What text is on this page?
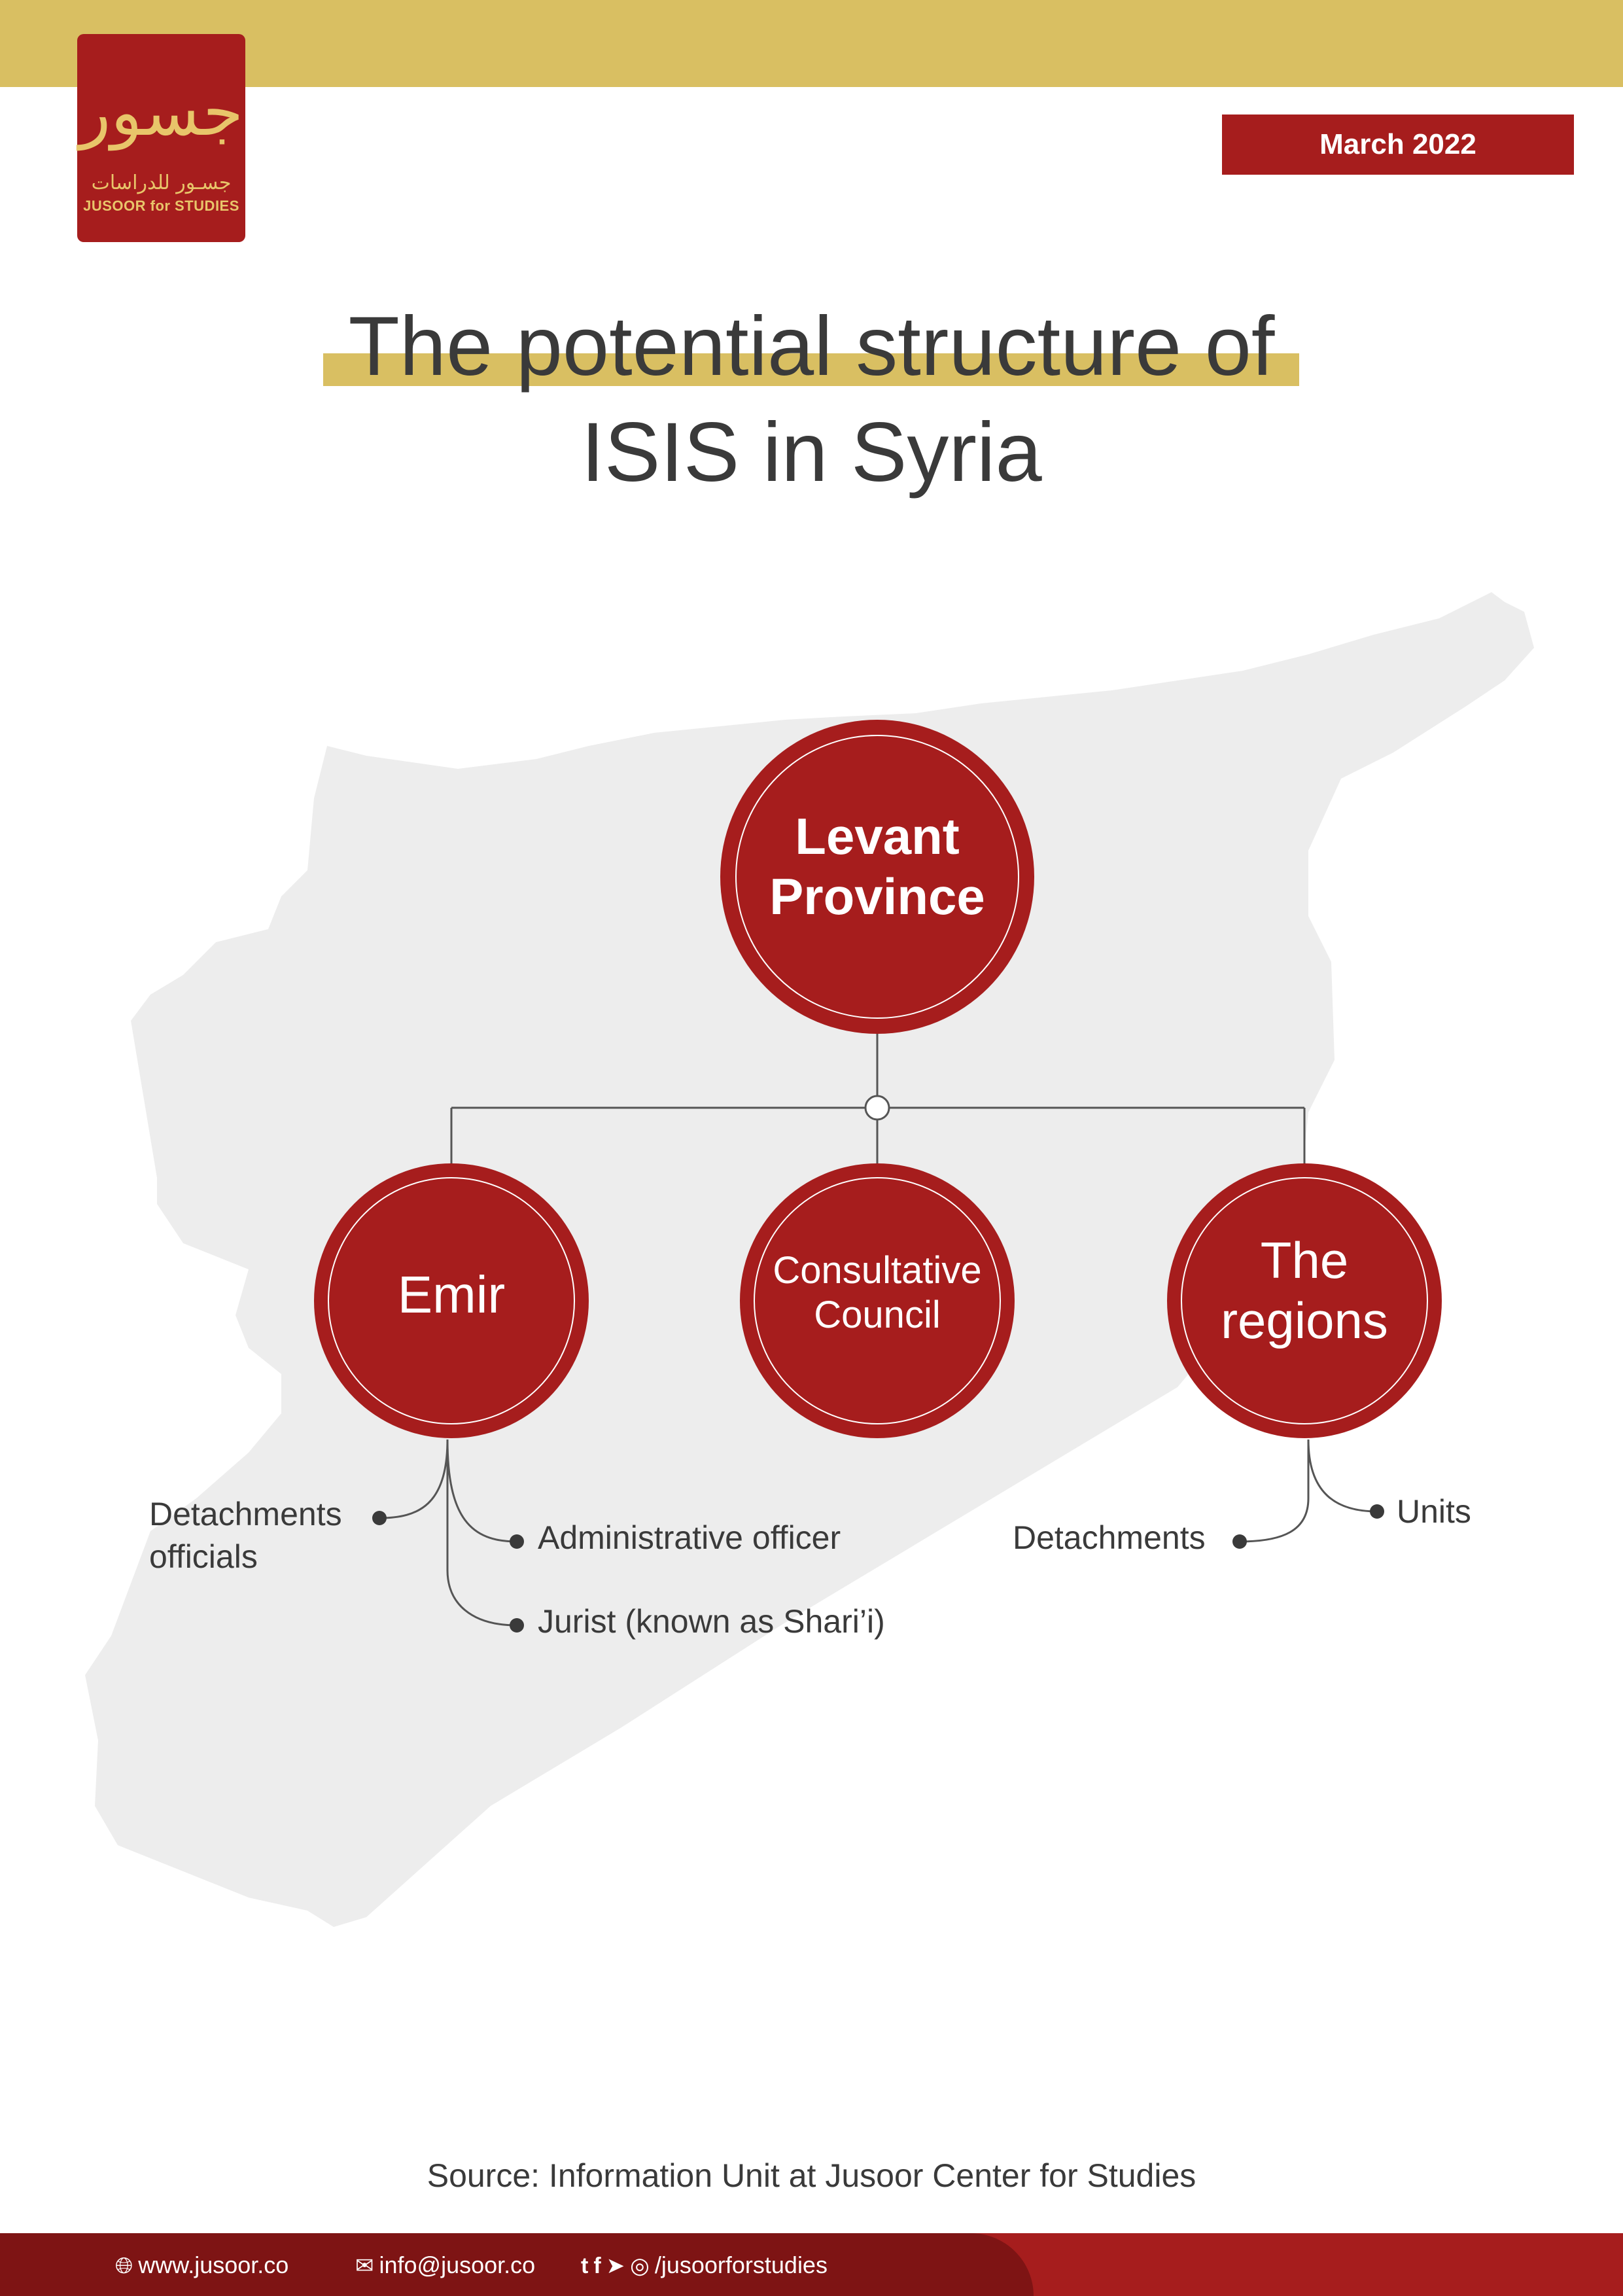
جسور
جسـور للدراسات
JUSOOR for STUDIES
March 2022
The potential structure of
ISIS in Syria
Levant
Province
Emir	Consultative
Council
The
regions
Detachments
officials
Administrative officer
Jurist (known as Shari’i)
Detachments
Units
Source: Information Unit at Jusoor Center for Studies
🌐︎ www.jusoor.co	✉ info@jusoor.co t f ➤ ◎ /jusoorforstudies
